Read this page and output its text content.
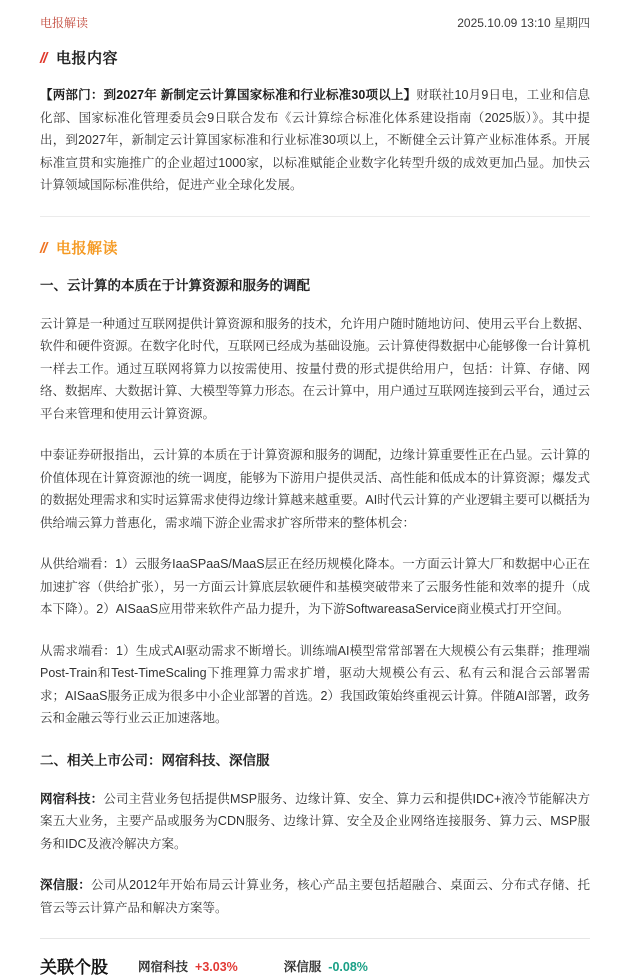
电报解读	2025.10.09 13:10 星期四
// 电报内容

【两部门：到2027年 新制定云计算国家标准和行业标准30项以上】财联社10月9日电，工业和信息化部、国家标准化管理委员会9日联合发布《云计算综合标准化体系建设指南（2025版）》。其中提出，到2027年，新制定云计算国家标准和行业标准30项以上，不断健全云计算产业标准体系。开展标准宣贯和实施推广的企业超过1000家，以标准赋能企业数字化转型升级的成效更加凸显。加快云计算领域国际标准供给，促进产业全球化发展。

// 电报解读
一、云计算的本质在于计算资源和服务的调配

云计算是一种通过互联网提供计算资源和服务的技术，允许用户随时随地访问、使用云平台上数据、软件和硬件资源。在数字化时代，互联网已经成为基础设施。云计算使得数据中心能够像一台计算机一样去工作。通过互联网将算力以按需使用、按量付费的形式提供给用户，包括：计算、存储、网络、数据库、大数据计算、大模型等算力形态。在云计算中，用户通过互联网连接到云平台，通过云平台来管理和使用云计算资源。

中泰证券研报指出，云计算的本质在于计算资源和服务的调配，边缘计算重要性正在凸显。云计算的价值体现在计算资源池的统一调度，能够为下游用户提供灵活、高性能和低成本的计算资源；爆发式的数据处理需求和实时运算需求使得边缘计算越来越重要。AI时代云计算的产业逻辑主要可以概括为供给端云算力普惠化，需求端下游企业需求扩容所带来的整体机会：

从供给端看：1）云服务IaaSPaaS/MaaS层正在经历规模化降本。一方面云计算大厂和数据中心正在加速扩容（供给扩张），另一方面云计算底层软硬件和基模突破带来了云服务性能和效率的提升（成本下降）。2）AISaaS应用带来软件产品力提升，为下游SoftwareasaService商业模式打开空间。

从需求端看：1）生成式AI驱动需求不断增长。训练端AI模型常常部署在大规模公有云集群；推理端Post-Train和Test-TimeScaling下推理算力需求扩增，驱动大规模公有云、私有云和混合云部署需求；AISaaS服务正成为很多中小企业部署的首选。2）我国政策始终重视云计算。伴随AI部署，政务云和金融云等行业云正加速落地。

二、相关上市公司：网宿科技、深信服

网宿科技：公司主营业务包括提供MSP服务、边缘计算、安全、算力云和提供IDC+液冷节能解决方案五大业务，主要产品或服务为CDN服务、边缘计算、安全及企业网络连接服务、算力云、MSP服务和IDC及液冷解决方案。

深信服：公司从2012年开始布局云计算业务，核心产品主要包括超融合、桌面云、分布式存储、托管云等云计算产品和解决方案等。

关联个股 网宿科技 +3.03%	深信服 -0.08%
